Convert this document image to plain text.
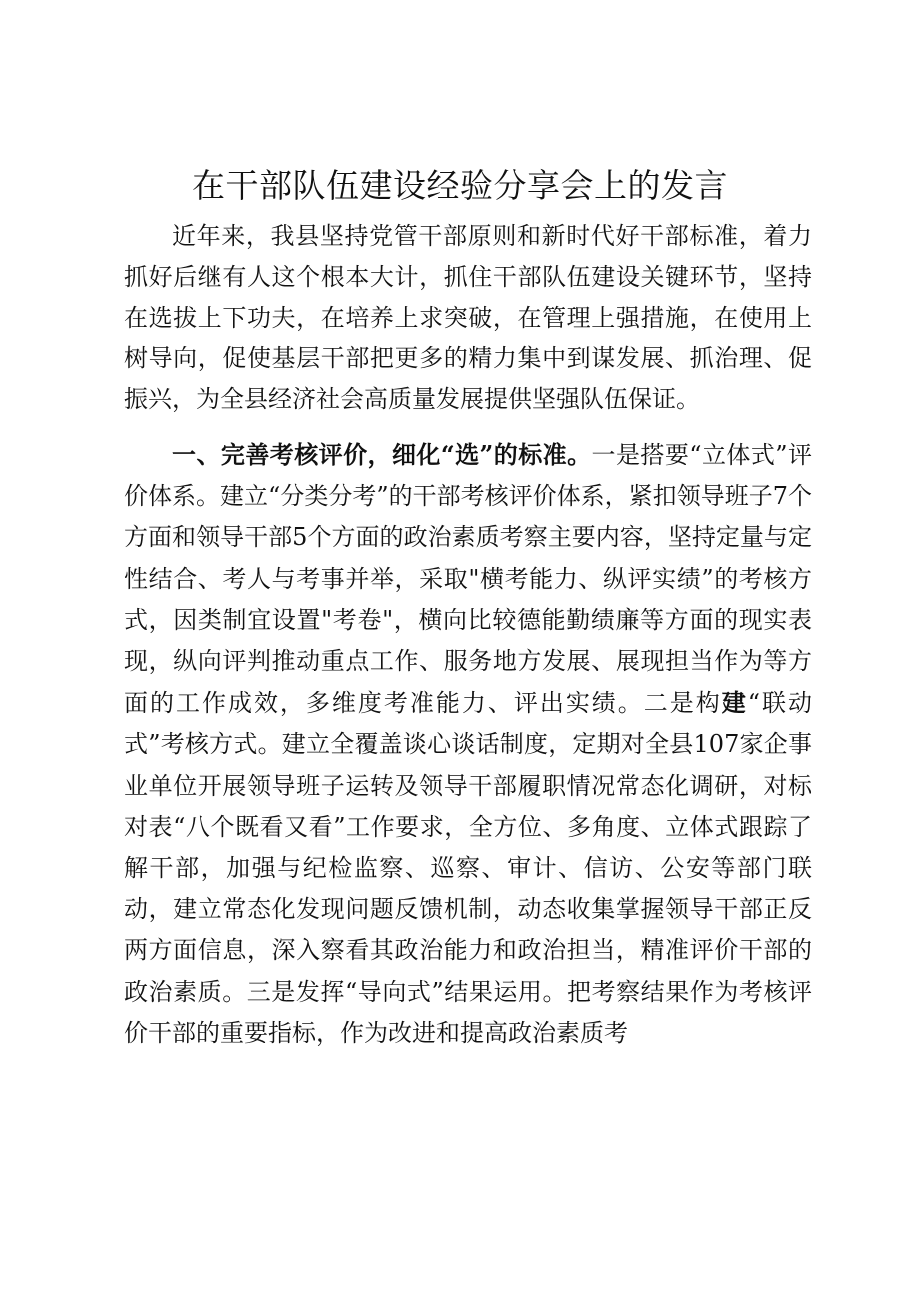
在干部队伍建设经验分享会上的发言

近年来，我县坚持党管干部原则和新时代好干部标准，着力抓好后继有人这个根本大计，抓住干部队伍建设关键环节，坚持在选拔上下功夫，在培养上求突破，在管理上强措施，在使用上树导向，促使基层干部把更多的精力集中到谋发展、抓治理、促振兴，为全县经济社会高质量发展提供坚强队伍保证。

一、完善考核评价，细化“选”的标准。一是搭要“立体式”评价体系。建立“分类分考”的干部考核评价体系，紧扣领导班子7个方面和领导干部5个方面的政治素质考察主要内容，坚持定量与定性结合、考人与考事并举，采取"横考能力、纵评实绩”的考核方式，因类制宜设置"考卷"，横向比较德能勤绩廉等方面的现实表现，纵向评判推动重点工作、服务地方发展、展现担当作为等方面的工作成效，多维度考准能力、评出实绩。二是构建“联动式”考核方式。建立全覆盖谈心谈话制度，定期对全县107家企事业单位开展领导班子运转及领导干部履职情况常态化调研，对标对表“八个既看又看”工作要求，全方位、多角度、立体式跟踪了解干部，加强与纪检监察、巡察、审计、信访、公安等部门联动，建立常态化发现问题反馈机制，动态收集掌握领导干部正反两方面信息，深入察看其政治能力和政治担当，精准评价干部的政治素质。三是发挥“导向式”结果运用。把考察结果作为考核评价干部的重要指标，作为改进和提高政治素质考
